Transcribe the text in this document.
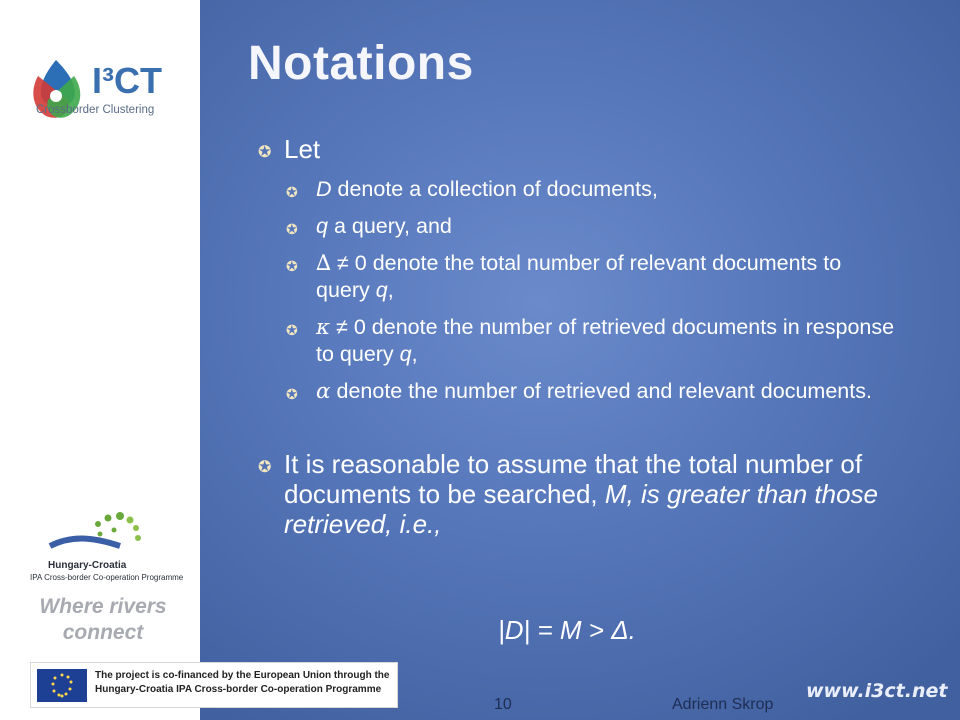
I³CT
Crossborder Clustering
Hungary-Croatia
IPA Cross-border Co-operation Programme
Where rivers connect
The project is co-financed by the European Union through the Hungary-Croatia IPA Cross-border Co-operation Programme
Notations
✪ Let
✪ D denote a collection of documents,
✪ q a query, and
✪ ∆ ≠ 0 denote the total number of relevant documents to query q,
✪ κ ≠ 0 denote the number of retrieved documents in response to query q,
✪ α denote the number of retrieved and relevant documents.
✪ It is reasonable to assume that the total number of documents to be searched, M, is greater than those retrieved, i.e.,
|D| = M > Δ.
10	Adrienn Skrop
www.i3ct.net
